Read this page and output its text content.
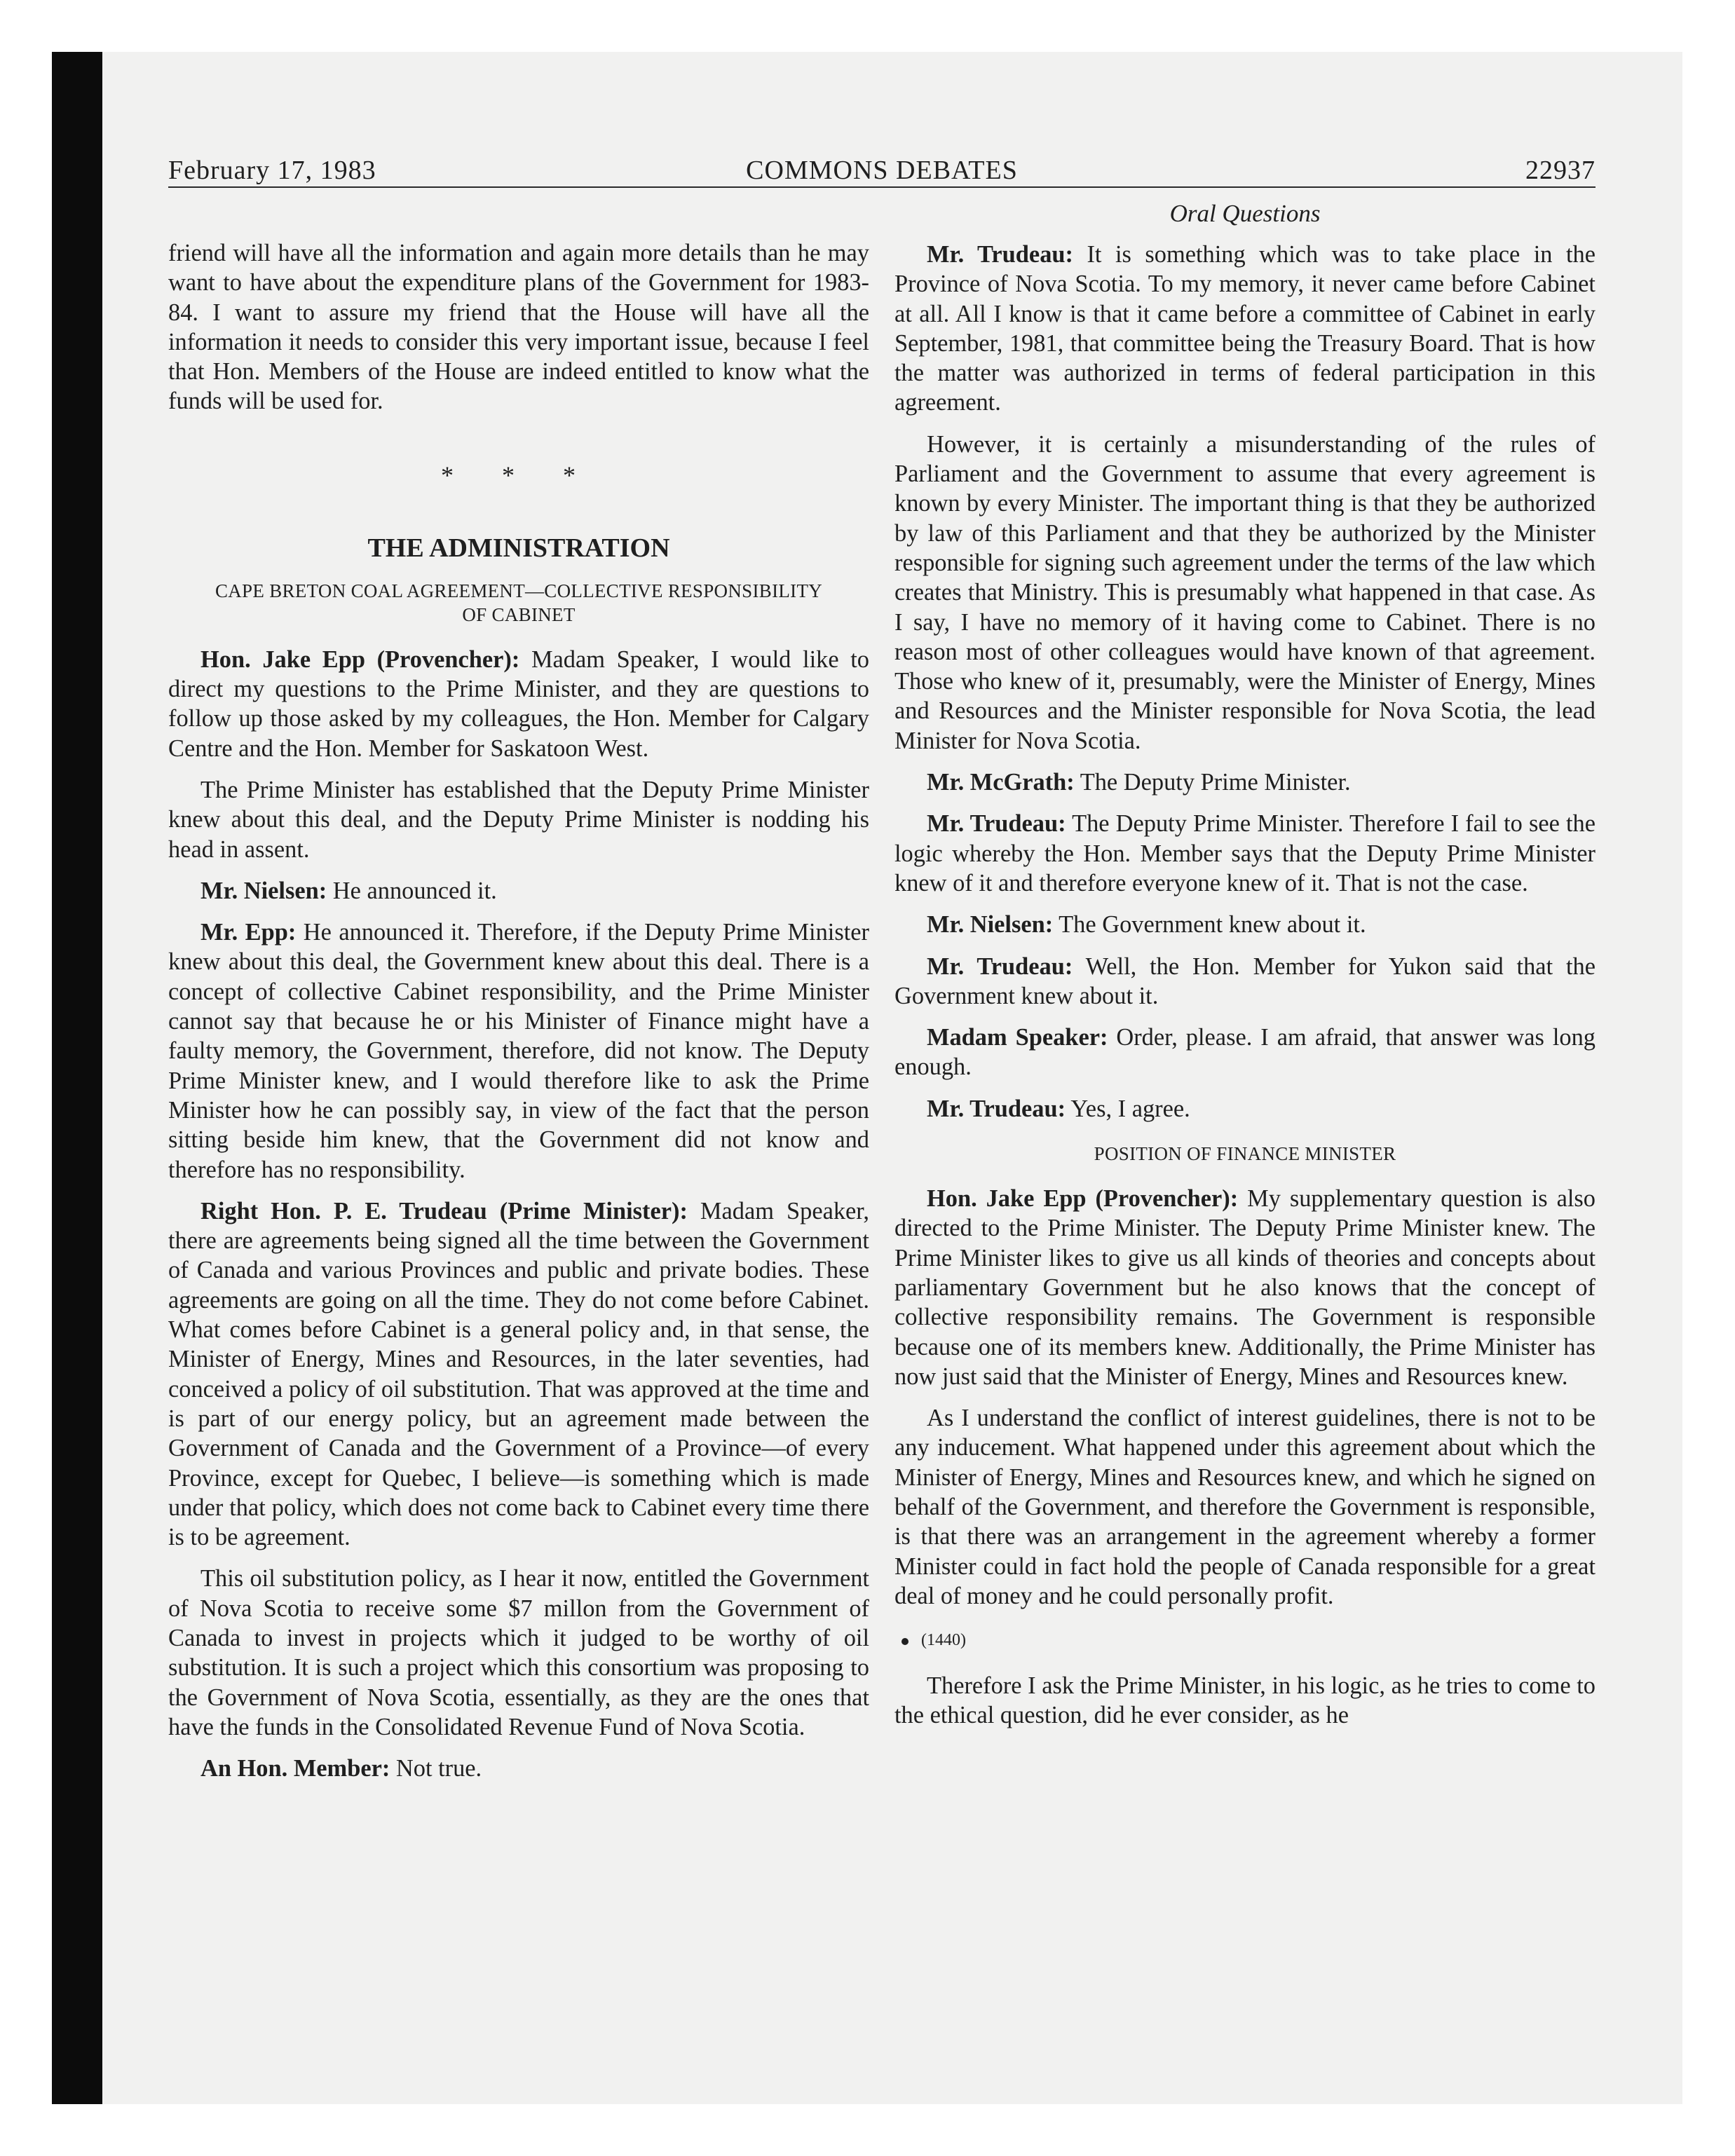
February 17, 1983	COMMONS DEBATES	22937

friend will have all the information and again more details than he may want to have about the expenditure plans of the Government for 1983-84. I want to assure my friend that the House will have all the information it needs to consider this very important issue, because I feel that Hon. Members of the House are indeed entitled to know what the funds will be used for.

* * *
THE ADMINISTRATION
CAPE BRETON COAL AGREEMENT—COLLECTIVE RESPONSIBILITY OF CABINET

Hon. Jake Epp (Provencher): Madam Speaker, I would like to direct my questions to the Prime Minister, and they are questions to follow up those asked by my colleagues, the Hon. Member for Calgary Centre and the Hon. Member for Saskatoon West.

The Prime Minister has established that the Deputy Prime Minister knew about this deal, and the Deputy Prime Minister is nodding his head in assent.

Mr. Nielsen: He announced it.

Mr. Epp: He announced it. Therefore, if the Deputy Prime Minister knew about this deal, the Government knew about this deal. There is a concept of collective Cabinet responsibility, and the Prime Minister cannot say that because he or his Minister of Finance might have a faulty memory, the Government, therefore, did not know. The Deputy Prime Minister knew, and I would therefore like to ask the Prime Minister how he can possibly say, in view of the fact that the person sitting beside him knew, that the Government did not know and therefore has no responsibility.

Right Hon. P. E. Trudeau (Prime Minister): Madam Speaker, there are agreements being signed all the time between the Government of Canada and various Provinces and public and private bodies. These agreements are going on all the time. They do not come before Cabinet. What comes before Cabinet is a general policy and, in that sense, the Minister of Energy, Mines and Resources, in the later seventies, had conceived a policy of oil substitution. That was approved at the time and is part of our energy policy, but an agreement made between the Government of Canada and the Government of a Province—of every Province, except for Quebec, I believe—is something which is made under that policy, which does not come back to Cabinet every time there is to be agreement.

This oil substitution policy, as I hear it now, entitled the Government of Nova Scotia to receive some $7 millon from the Government of Canada to invest in projects which it judged to be worthy of oil substitution. It is such a project which this consortium was proposing to the Government of Nova Scotia, essentially, as they are the ones that have the funds in the Consolidated Revenue Fund of Nova Scotia.

An Hon. Member: Not true.

Oral Questions

Mr. Trudeau: It is something which was to take place in the Province of Nova Scotia. To my memory, it never came before Cabinet at all. All I know is that it came before a committee of Cabinet in early September, 1981, that committee being the Treasury Board. That is how the matter was authorized in terms of federal participation in this agreement.

However, it is certainly a misunderstanding of the rules of Parliament and the Government to assume that every agreement is known by every Minister. The important thing is that they be authorized by law of this Parliament and that they be authorized by the Minister responsible for signing such agreement under the terms of the law which creates that Ministry. This is presumably what happened in that case. As I say, I have no memory of it having come to Cabinet. There is no reason most of other colleagues would have known of that agreement. Those who knew of it, presumably, were the Minister of Energy, Mines and Resources and the Minister responsible for Nova Scotia, the lead Minister for Nova Scotia.

Mr. McGrath: The Deputy Prime Minister.

Mr. Trudeau: The Deputy Prime Minister. Therefore I fail to see the logic whereby the Hon. Member says that the Deputy Prime Minister knew of it and therefore everyone knew of it. That is not the case.

Mr. Nielsen: The Government knew about it.

Mr. Trudeau: Well, the Hon. Member for Yukon said that the Government knew about it.

Madam Speaker: Order, please. I am afraid, that answer was long enough.

Mr. Trudeau: Yes, I agree.

POSITION OF FINANCE MINISTER

Hon. Jake Epp (Provencher): My supplementary question is also directed to the Prime Minister. The Deputy Prime Minister knew. The Prime Minister likes to give us all kinds of theories and concepts about parliamentary Government but he also knows that the concept of collective responsibility remains. The Government is responsible because one of its members knew. Additionally, the Prime Minister has now just said that the Minister of Energy, Mines and Resources knew.

As I understand the conflict of interest guidelines, there is not to be any inducement. What happened under this agreement about which the Minister of Energy, Mines and Resources knew, and which he signed on behalf of the Government, and therefore the Government is responsible, is that there was an arrangement in the agreement whereby a former Minister could in fact hold the people of Canada responsible for a great deal of money and he could personally profit.

(1440)

Therefore I ask the Prime Minister, in his logic, as he tries to come to the ethical question, did he ever consider, as he
